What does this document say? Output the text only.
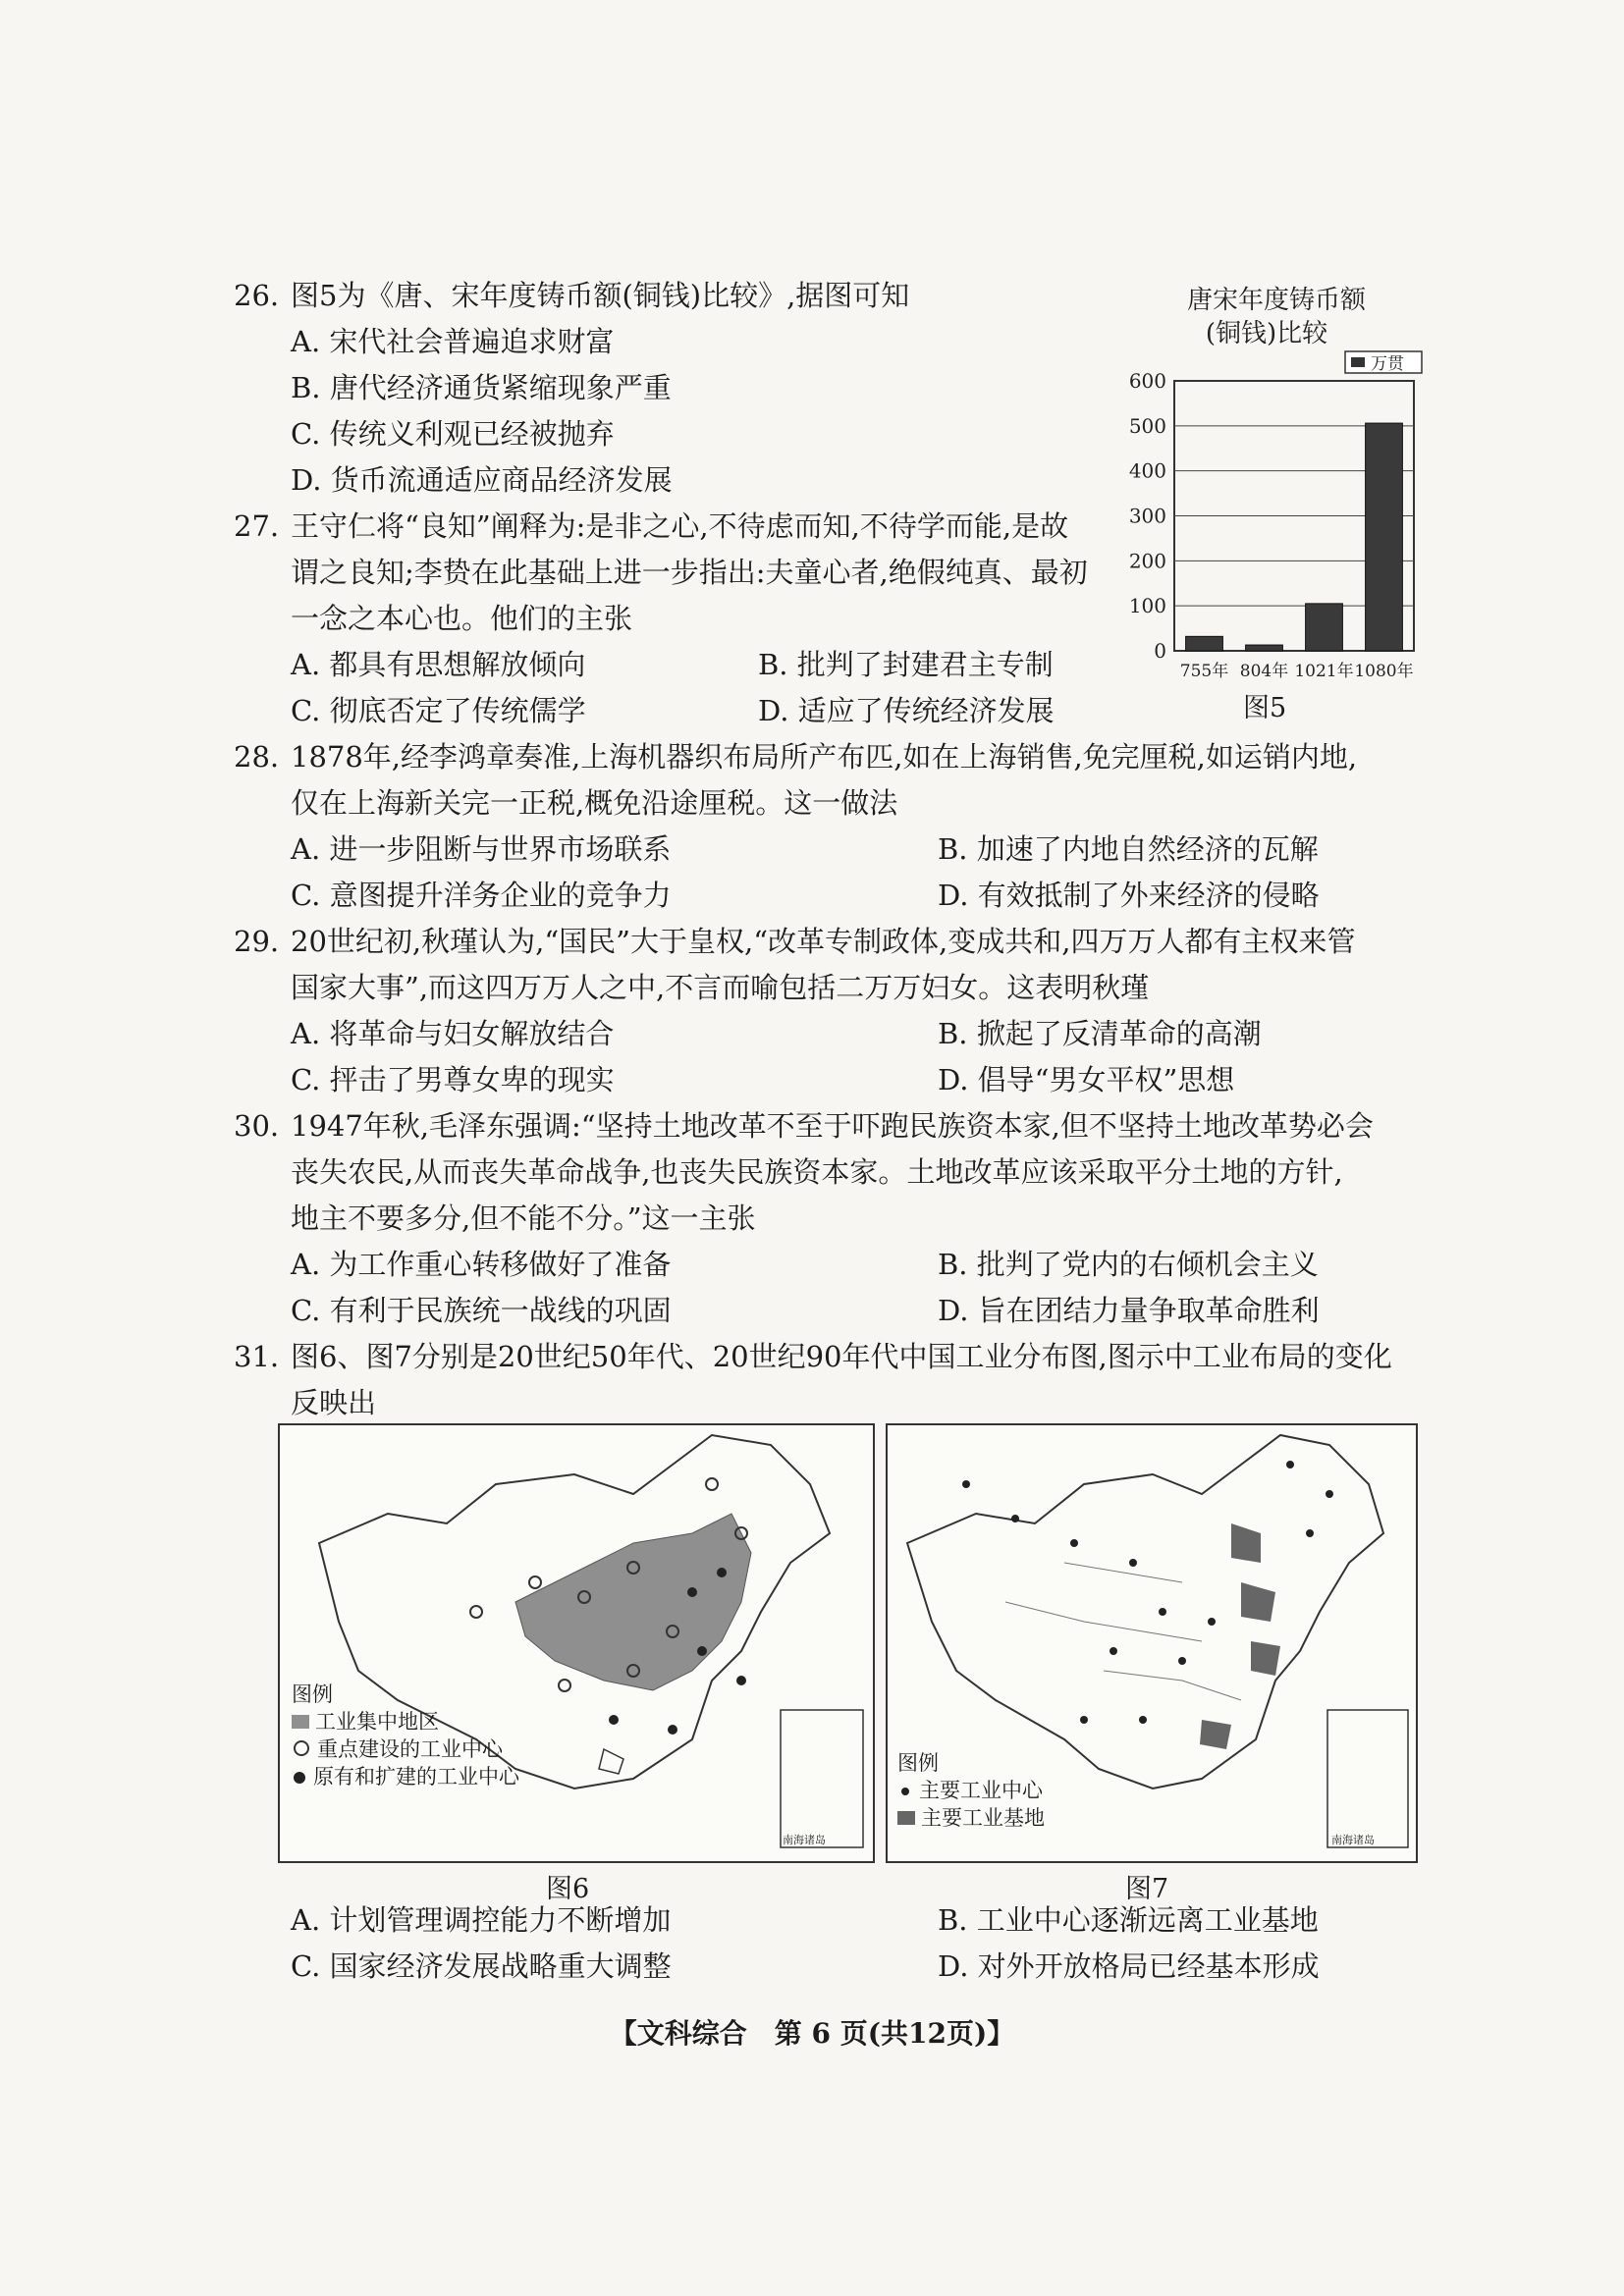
26. 图5为《唐、宋年度铸币额(铜钱)比较》,据图可知
A. 宋代社会普遍追求财富
B. 唐代经济通货紧缩现象严重
C. 传统义利观已经被抛弃
D. 货币流通适应商品经济发展
唐宋年度铸币额
(铜钱)比较
万贯
0
100
200
300
400
500
600
755年 804年 1021年 1080年
图5
27. 王守仁将“良知”阐释为:是非之心,不待虑而知,不待学而能,是故
谓之良知;李贽在此基础上进一步指出:夫童心者,绝假纯真、最初
一念之本心也。他们的主张
A. 都具有思想解放倾向	B. 批判了封建君主专制
C. 彻底否定了传统儒学	D. 适应了传统经济发展
28. 1878年,经李鸿章奏准,上海机器织布局所产布匹,如在上海销售,免完厘税,如运销内地,
仅在上海新关完一正税,概免沿途厘税。这一做法
A. 进一步阻断与世界市场联系	B. 加速了内地自然经济的瓦解
C. 意图提升洋务企业的竞争力	D. 有效抵制了外来经济的侵略
29. 20世纪初,秋瑾认为,“国民”大于皇权,“改革专制政体,变成共和,四万万人都有主权来管
国家大事”,而这四万万人之中,不言而喻包括二万万妇女。这表明秋瑾
A. 将革命与妇女解放结合	B. 掀起了反清革命的高潮
C. 抨击了男尊女卑的现实	D. 倡导“男女平权”思想
30. 1947年秋,毛泽东强调:“坚持土地改革不至于吓跑民族资本家,但不坚持土地改革势必会
丧失农民,从而丧失革命战争,也丧失民族资本家。土地改革应该采取平分土地的方针,
地主不要多分,但不能不分。”这一主张
A. 为工作重心转移做好了准备	B. 批判了党内的右倾机会主义
C. 有利于民族统一战线的巩固	D. 旨在团结力量争取革命胜利
31. 图6、图7分别是20世纪50年代、20世纪90年代中国工业分布图,图示中工业布局的变化
反映出
图例
工业集中地区
重点建设的工业中心
原有和扩建的工业中心
南海诸岛
图6
图例
主要工业中心
主要工业基地
南海诸岛
图7
A. 计划管理调控能力不断增加	B. 工业中心逐渐远离工业基地
C. 国家经济发展战略重大调整	D. 对外开放格局已经基本形成
【文科综合　第 6 页(共12页)】
